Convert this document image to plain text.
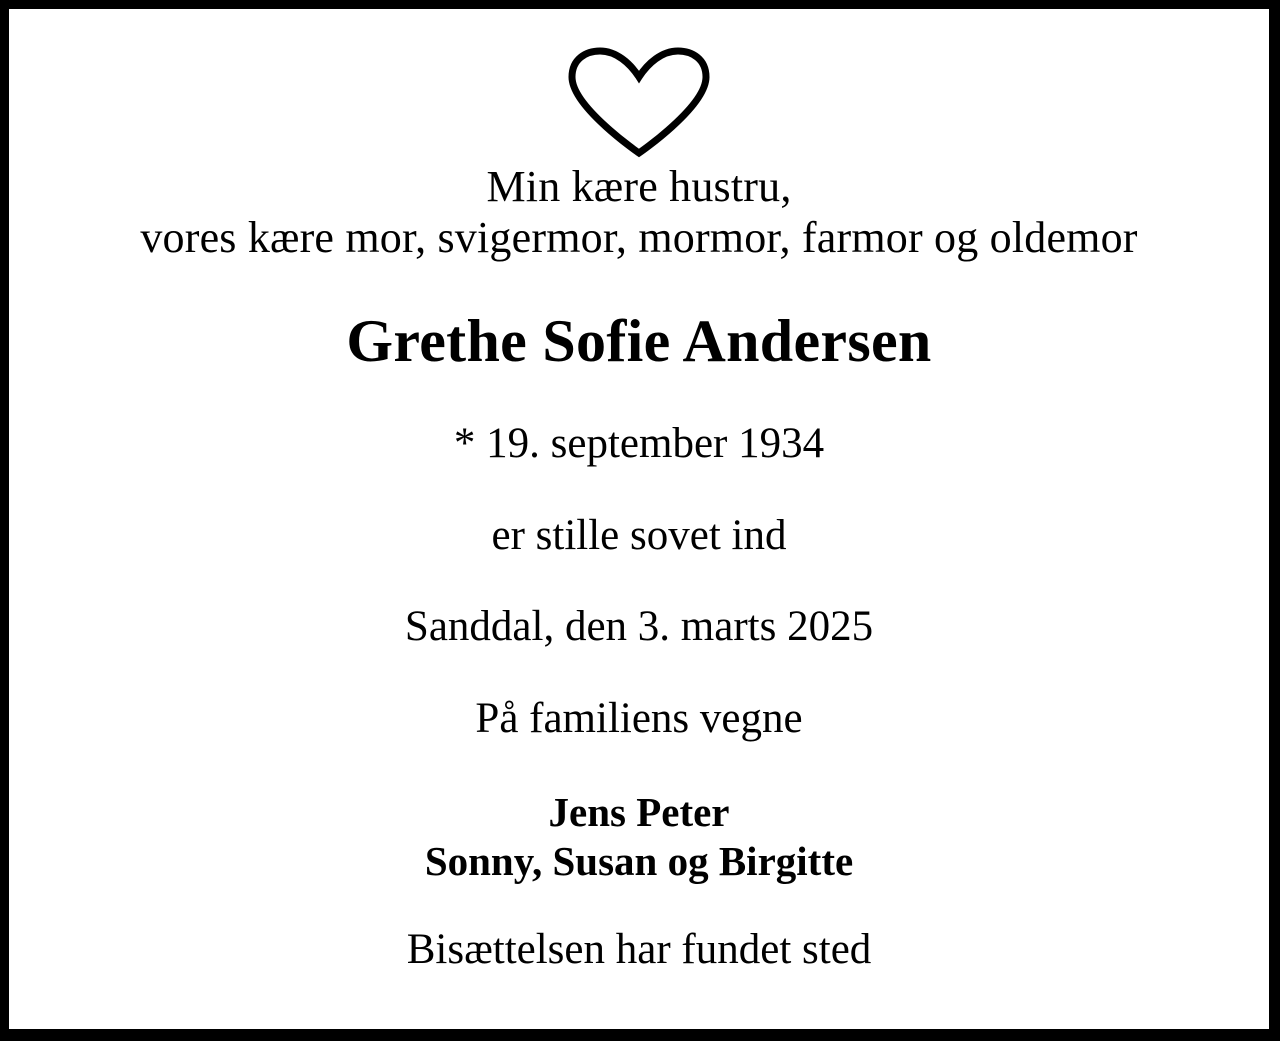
Min kære hustru,
vores kære mor, svigermor, mormor, farmor og oldemor
Grethe Sofie Andersen
* 19. september 1934
er stille sovet ind
Sanddal, den 3. marts 2025
På familiens vegne
Jens Peter
Sonny, Susan og Birgitte
Bisættelsen har fundet sted
